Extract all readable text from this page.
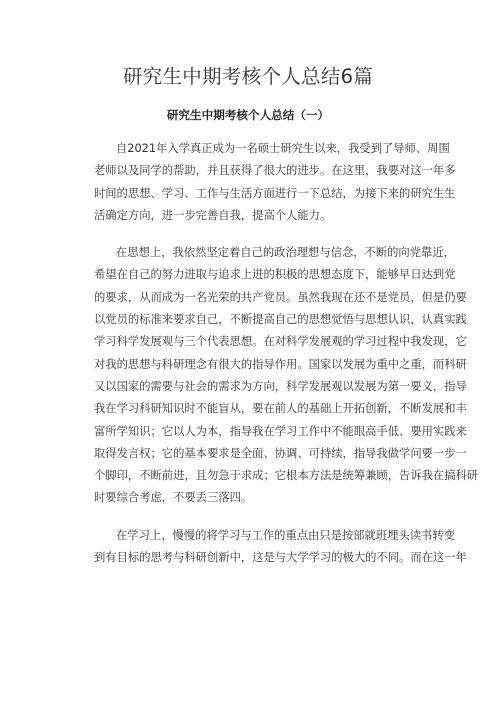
研究生中期考核个人总结6篇
研究生中期考核个人总结（一）
自2021年入学真正成为一名硕士研究生以来，我受到了导师、周围
老师以及同学的帮助，并且获得了很大的进步。在这里，我要对这一年多
时间的思想、学习、工作与生活方面进行一下总结，为接下来的研究生生
活确定方向，进一步完善自我，提高个人能力。
在思想上，我依然坚定着自己的政治理想与信念，不断的向党靠近，
希望在自己的努力进取与追求上进的积极的思想态度下，能够早日达到党
的要求，从而成为一名光荣的共产党员。虽然我现在还不是党员，但是仍要
以党员的标准来要求自己，不断提高自己的思想觉悟与思想认识，认真实践
学习科学发展观与三个代表思想。在对科学发展观的学习过程中我发现，它
对我的思想与科研理念有很大的指导作用。国家以发展为重中之重，而科研
又以国家的需要与社会的需求为方向，科学发展观以发展为第一要义，指导
我在学习科研知识时不能盲从，要在前人的基础上开拓创新，不断发展和丰
富所学知识；它以人为本，指导我在学习工作中不能眼高手低、要用实践来
取得发言权；它的基本要求是全面、协调、可持续，指导我做学问要一步一
个脚印，不断前进，且勿急于求成；它根本方法是统筹兼顾，告诉我在搞科研
时要综合考虑，不要丢三落四。
在学习上，慢慢的将学习与工作的重点由只是按部就班埋头读书转变
到有目标的思考与科研创新中，这是与大学学习的极大的不同。而在这一年
